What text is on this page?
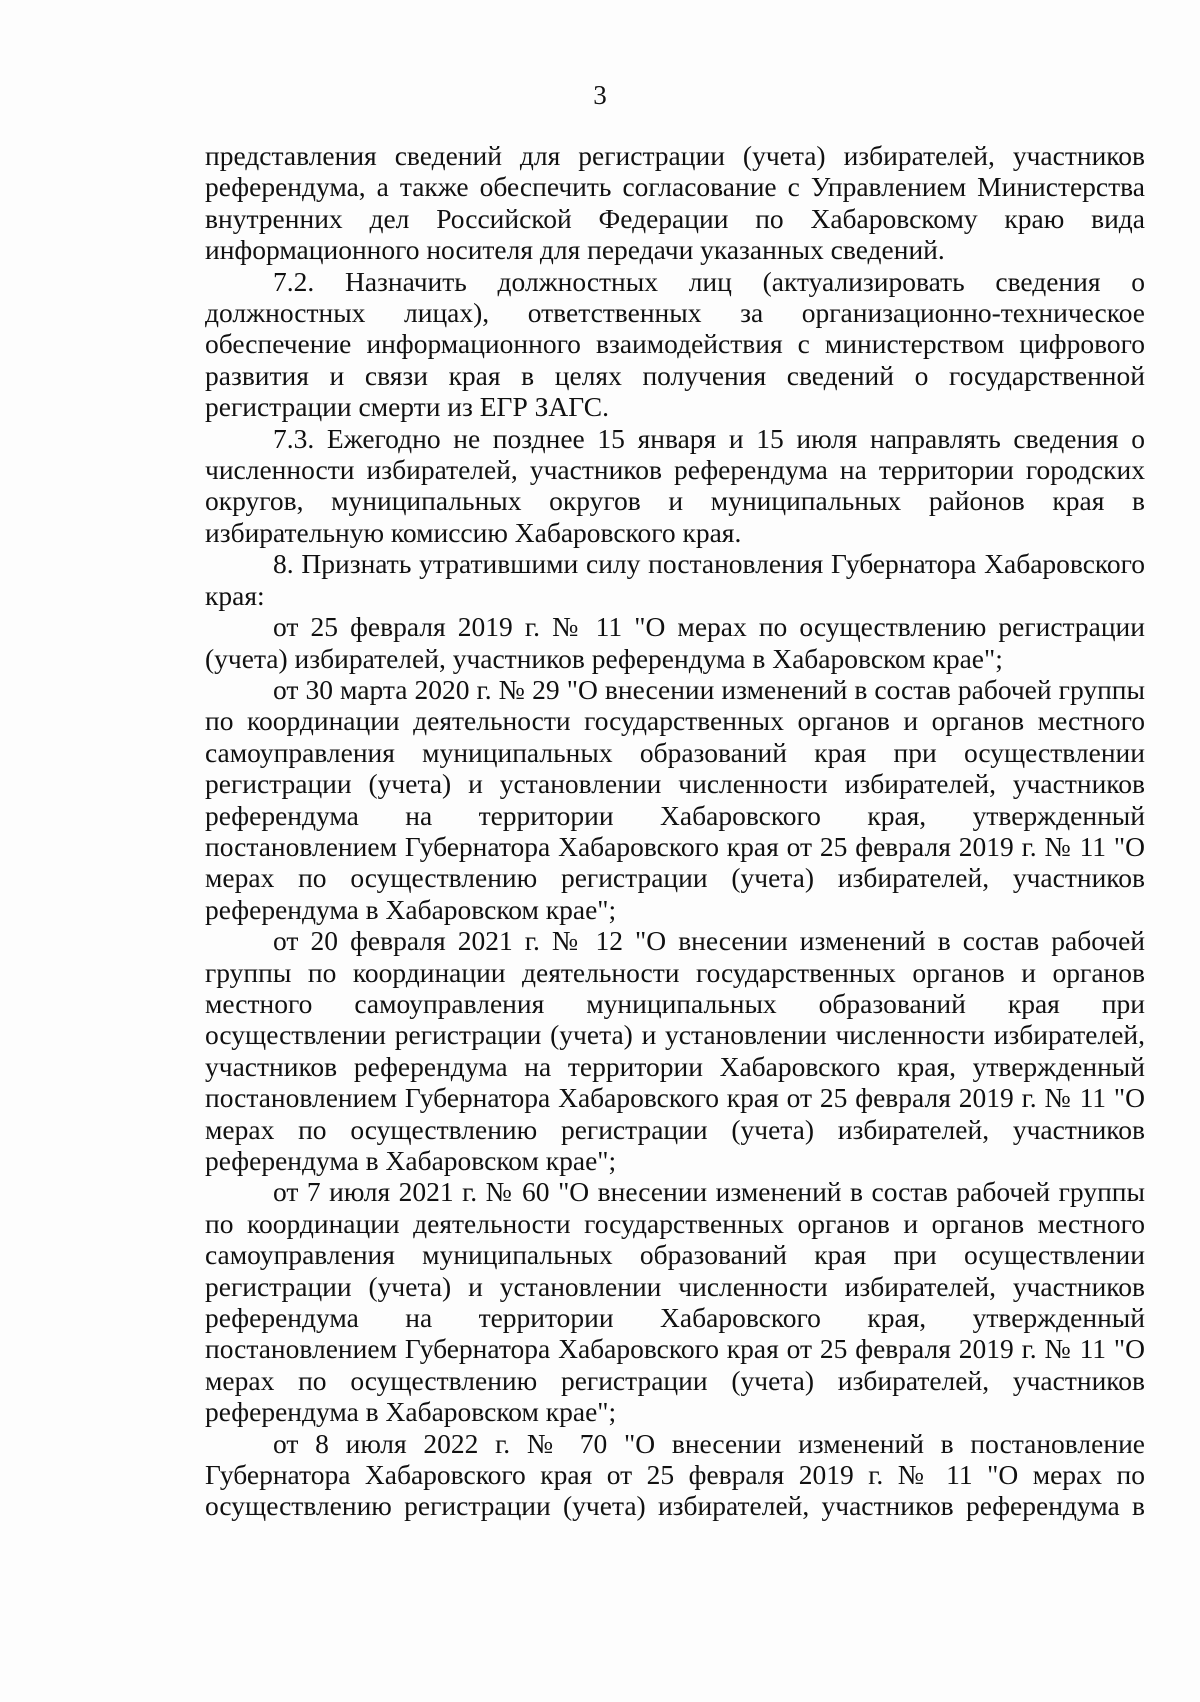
3

представления сведений для регистрации (учета) избирателей, участников референдума, а также обеспечить согласование с Управлением Министерства внутренних дел Российской Федерации по Хабаровскому краю вида информационного носителя для передачи указанных сведений.

7.2. Назначить должностных лиц (актуализировать сведения о должностных лицах), ответственных за организационно-техническое обеспечение информационного взаимодействия с министерством цифрового развития и связи края в целях получения сведений о государственной регистрации смерти из ЕГР ЗАГС.

7.3. Ежегодно не позднее 15 января и 15 июля направлять сведения о численности избирателей, участников референдума на территории городских округов, муниципальных округов и муниципальных районов края в избирательную комиссию Хабаровского края.

8. Признать утратившими силу постановления Губернатора Хабаровского края:

от 25 февраля 2019 г. № 11 "О мерах по осуществлению регистрации (учета) избирателей, участников референдума в Хабаровском крае";

от 30 марта 2020 г. № 29 "О внесении изменений в состав рабочей группы по координации деятельности государственных органов и органов местного самоуправления муниципальных образований края при осуществлении регистрации (учета) и установлении численности избирателей, участников референдума на территории Хабаровского края, утвержденный постановлением Губернатора Хабаровского края от 25 февраля 2019 г. № 11 "О мерах по осуществлению регистрации (учета) избирателей, участников референдума в Хабаровском крае";

от 20 февраля 2021 г. № 12 "О внесении изменений в состав рабочей группы по координации деятельности государственных органов и органов местного самоуправления муниципальных образований края при осуществлении регистрации (учета) и установлении численности избирателей, участников референдума на территории Хабаровского края, утвержденный постановлением Губернатора Хабаровского края от 25 февраля 2019 г. № 11 "О мерах по осуществлению регистрации (учета) избирателей, участников референдума в Хабаровском крае";

от 7 июля 2021 г. № 60 "О внесении изменений в состав рабочей группы по координации деятельности государственных органов и органов местного самоуправления муниципальных образований края при осуществлении регистрации (учета) и установлении численности избирателей, участников референдума на территории Хабаровского края, утвержденный постановлением Губернатора Хабаровского края от 25 февраля 2019 г. № 11 "О мерах по осуществлению регистрации (учета) избирателей, участников референдума в Хабаровском крае";

от 8 июля 2022 г. № 70 "О внесении изменений в постановление Губернатора Хабаровского края от 25 февраля 2019 г. № 11 "О мерах по осуществлению регистрации (учета) избирателей, участников референдума в
